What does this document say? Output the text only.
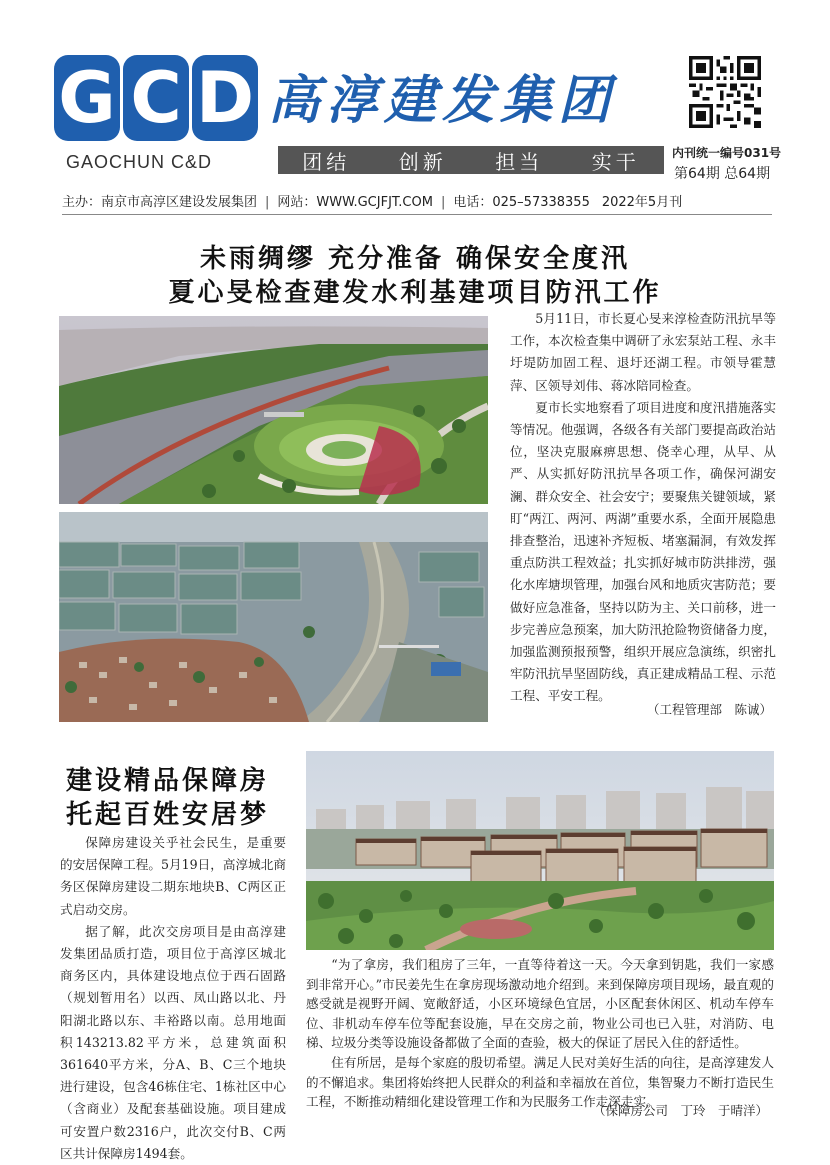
G C D
GAOCHUN C&D
高淳建发集团
团结 创新 担当 实干	内刊统一编号031号
第64期 总64期
主办：南京市高淳区建设发展集团 | 网站：WWW.GCJFJT.COM | 电话：025–57338355 2022年5月刊
未雨绸缪 充分准备 确保安全度汛
夏心旻检查建发水利基建项目防汛工作

5月11日，市长夏心旻来淳检查防汛抗旱等工作，本次检查集中调研了永宏泵站工程、永丰圩堤防加固工程、退圩还湖工程。市领导霍慧萍、区领导刘伟、蒋冰陪同检查。

夏市长实地察看了项目进度和度汛措施落实等情况。他强调，各级各有关部门要提高政治站位，坚决克服麻痹思想、侥幸心理，从早、从严、从实抓好防汛抗旱各项工作，确保河湖安澜、群众安全、社会安宁；要聚焦关键领域，紧盯“两江、两河、两湖”重要水系，全面开展隐患排查整治，迅速补齐短板、堵塞漏洞，有效发挥重点防洪工程效益；扎实抓好城市防洪排涝，强化水库塘坝管理，加强台风和地质灾害防范；要做好应急准备，坚持以防为主、关口前移，进一步完善应急预案，加大防汛抢险物资储备力度，加强监测预报预警，组织开展应急演练，织密扎牢防汛抗旱坚固防线，真正建成精品工程、示范工程、平安工程。

（工程管理部　陈诚）
建设精品保障房
托起百姓安居梦

保障房建设关乎社会民生，是重要的安居保障工程。5月19日，高淳城北商务区保障房建设二期东地块B、C两区正式启动交房。

据了解，此次交房项目是由高淳建发集团品质打造，项目位于高淳区城北商务区内，具体建设地点位于西石固路（规划暂用名）以西、凤山路以北、丹阳湖北路以东、丰裕路以南。总用地面积143213.82平方米，总建筑面积 361640平方米，分A、B、C三个地块进行建设，包含46栋住宅、1栋社区中心（含商业）及配套基础设施。项目建成可安置户数2316户，此次交付B、C两区共计保障房1494套。

“为了拿房，我们租房了三年，一直等待着这一天。今天拿到钥匙，我们一家感到非常开心。”市民姜先生在拿房现场激动地介绍到。来到保障房项目现场，最直观的感受就是视野开阔、宽敞舒适，小区环境绿色宜居，小区配套休闲区、机动车停车位、非机动车停车位等配套设施，早在交房之前，物业公司也已入驻，对消防、电梯、垃圾分类等设施设备都做了全面的查验，极大的保证了居民入住的舒适性。

住有所居，是每个家庭的殷切希望。满足人民对美好生活的向往，是高淳建发人的不懈追求。集团将始终把人民群众的利益和幸福放在首位，集智聚力不断打造民生工程，不断推动精细化建设管理工作和为民服务工作走深走实。

（保障房公司　丁玲　于晴洋）
